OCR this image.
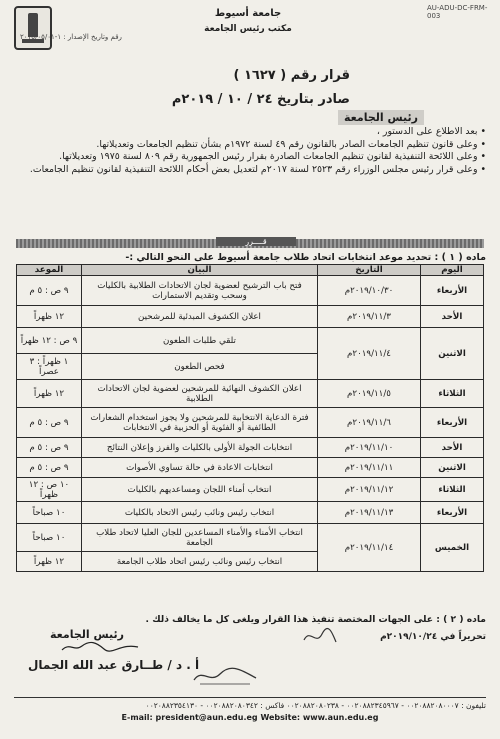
AU-ADU-DC-FRM-003
رقم وتاريخ الإصدار : ١-٢٠١٥/٠٥/٠١
جامعة أسيوط
مكتب رئيس الجامعة
قرار رقم ( ١٦٢٧ )
صادر بتاريخ ٢٤ / ١٠ / ٢٠١٩م
رئيس الجامعة

• بعد الاطلاع على الدستور ،

• وعلى قانون تنظيم الجامعات الصادر بالقانون رقم ٤٩ لسنة ١٩٧٢م بشأن تنظيم الجامعات وتعديلاتها.

• وعلى اللائحة التنفيذية لقانون تنظيم الجامعات الصادرة بقرار رئيس الجمهورية رقم ٨٠٩ لسنة ١٩٧٥ وتعديلاتها.

• وعلى قرار رئيس مجلس الوزراء رقم ٢٥٢٣ لسنة ٢٠١٧م لتعديل بعض أحكام اللائحة التنفيذية لقانون تنظيم الجامعات.

قــــرر
ماده ( ١ ) : تحديد موعد انتخابات اتحاد طلاب جامعة أسيوط على النحو التالي :-
اليوم	التاريخ	البيان	الموعد
الأربعاء	٢٠١٩/١٠/٣٠م	فتح باب الترشيح لعضوية لجان الاتحادات الطلابية بالكليات وسحب وتقديم الاستمارات	٩ ص : ٥ م
الأحد	٢٠١٩/١١/٣م	اعلان الكشوف المبدئية للمرشحين	١٢ ظهراً
الاثنين	٢٠١٩/١١/٤م	تلقي طلبات الطعون	٩ ص : ١٢ ظهراً
		فحص الطعون	١ ظهراً : ٣ عصراً
الثلاثاء	٢٠١٩/١١/٥م	اعلان الكشوف النهائية للمرشحين لعضوية لجان الاتحادات الطلابية	١٢ ظهراً
الأربعاء	٢٠١٩/١١/٦م	فترة الدعاية الانتخابية للمرشحين ولا يجوز استخدام الشعارات الطائفية أو الفئوية أو الحزبية في الانتخابات	٩ ص : ٥ م
الأحد	٢٠١٩/١١/١٠م	انتخابات الجولة الأولى بالكليات والفرز وإعلان النتائج	٩ ص : ٥ م
الاثنين	٢٠١٩/١١/١١م	انتخابات الاعادة في حالة تساوي الأصوات	٩ ص : ٥ م
الثلاثاء	٢٠١٩/١١/١٢م	انتخاب أمناء اللجان ومساعديهم بالكليات	١٠ ص : ١٢ ظهراً
الأربعاء	٢٠١٩/١١/١٣م	انتخاب رئيس ونائب رئيس الاتحاد بالكليات	١٠ صباحاً
الخميس	٢٠١٩/١١/١٤م	انتخاب الأمناء والأمناء المساعدين للجان العليا لاتحاد طلاب الجامعة	١٠ صباحاً
		انتخاب رئيس ونائب رئيس اتحاد طلاب الجامعة	١٢ ظهراً
ماده ( ٢ ) : على الجهات المختصة تنفيذ هذا القرار ويلغى كل ما يخالف ذلك .
تحريراً في ٢٠١٩/١٠/٢٤م
رئيس الجامعة
أ . د / طــارق عبد الله الجمال
تليفون : ٠٠٢٠٨٨٢٠٨٠٠٠٧ - ٠٠٢٠٨٨٢٣٤٥٩٦٧ - ٠٠٢٠٨٨٢٠٨٠٢٣٨ فاكس : ٠٠٢٠٨٨٢٠٨٠٣٤٢ - ٠٠٢٠٨٨٢٣٥٤١٣٠
E-mail: president@aun.edu.eg Website: www.aun.edu.eg
